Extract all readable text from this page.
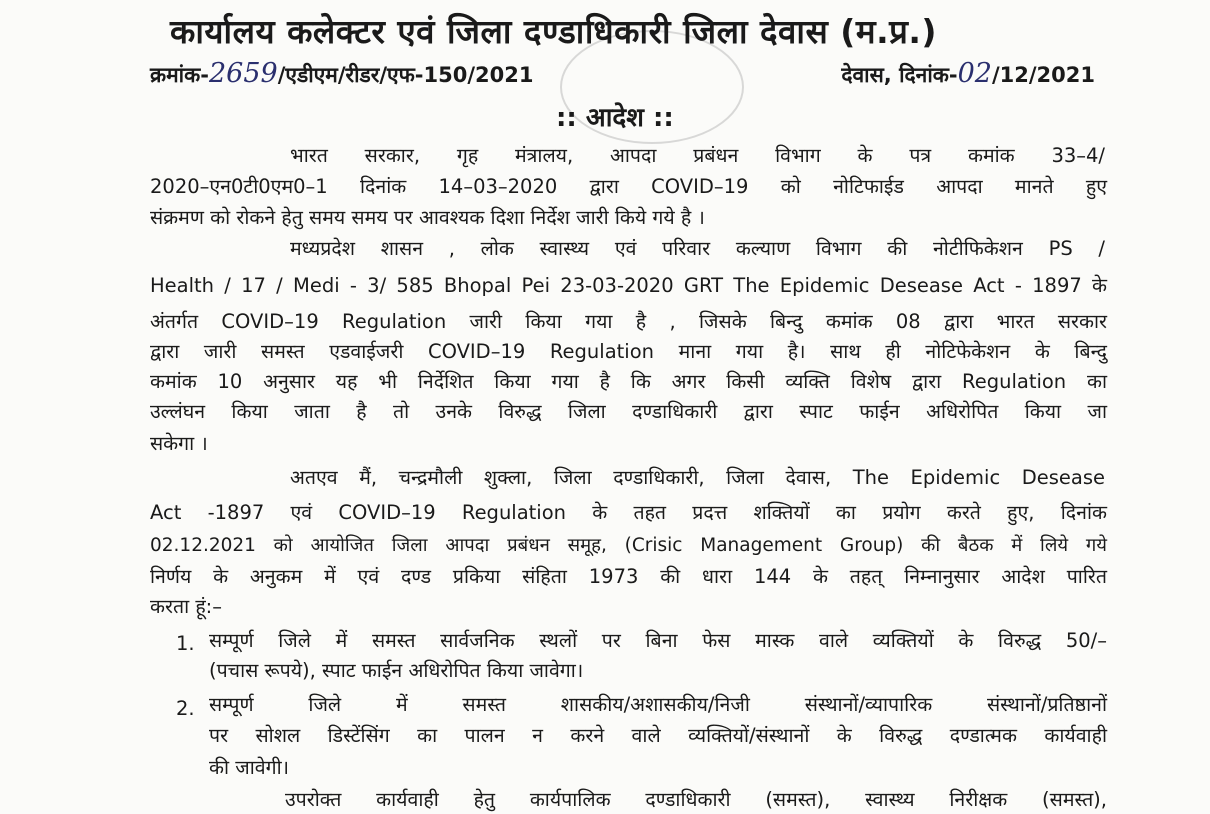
कार्यालय कलेक्टर एवं जिला दण्डाधिकारी जिला देवास (म.प्र.)
क्रमांक-2659/एडीएम/रीडर/एफ-150/2021	देवास, दिनांक-02/12/2021
:: आदेश ::
भारत सरकार, गृह मंत्रालय, आपदा प्रबंधन विभाग के पत्र कमांक 33–4/
2020–एन0टी0एम0–1 दिनांक 14–03–2020 द्वारा COVID–19 को नोटिफाईड आपदा मानते हुए
संक्रमण को रोकने हेतु समय समय पर आवश्यक दिशा निर्देश जारी किये गये है ।
मध्यप्रदेश शासन , लोक स्वास्थ्य एवं परिवार कल्याण विभाग की नोटीफिकेशन PS /
Health / 17 / Medi - 3/ 585 Bhopal Pei 23-03-2020 GRT The Epidemic Desease Act - 1897 के
अंतर्गत COVID–19 Regulation जारी किया गया है , जिसके बिन्दु कमांक 08 द्वारा भारत सरकार
द्वारा जारी समस्त एडवाईजरी COVID–19 Regulation माना गया है। साथ ही नोटिफेकेशन के बिन्दु
कमांक 10 अनुसार यह भी निर्देशित किया गया है कि अगर किसी व्यक्ति विशेष द्वारा Regulation का
उल्लंघन किया जाता है तो उनके विरुद्ध जिला दण्डाधिकारी द्वारा स्पाट फाईन अधिरोपित किया जा
सकेगा ।
अतएव मैं, चन्द्रमौली शुक्ला, जिला दण्डाधिकारी, जिला देवास, The Epidemic Desease
Act -1897 एवं COVID–19 Regulation के तहत प्रदत्त शक्तियों का प्रयोग करते हुए, दिनांक
02.12.2021 को आयोजित जिला आपदा प्रबंधन समूह, (Crisic Management Group) की बैठक में लिये गये
निर्णय के अनुकम में एवं दण्ड प्रकिया संहिता 1973 की धारा 144 के तहत् निम्नानुसार आदेश पारित
करता हूं:–
1. सम्पूर्ण जिले में समस्त सार्वजनिक स्थलों पर बिना फेस मास्क वाले व्यक्तियों के विरुद्ध 50/–
(पचास रूपये), स्पाट फाईन अधिरोपित किया जावेगा।
2. सम्पूर्ण जिले में समस्त शासकीय/अशासकीय/निजी संस्थानों/व्यापारिक संस्थानों/प्रतिष्ठानों
पर सोशल डिस्टेंसिंग का पालन न करने वाले व्यक्तियों/संस्थानों के विरुद्ध दण्डात्मक कार्यवाही
की जावेगी।
उपरोक्त कार्यवाही हेतु कार्यपालिक दण्डाधिकारी (समस्त), स्वास्थ्य निरीक्षक (समस्त),
